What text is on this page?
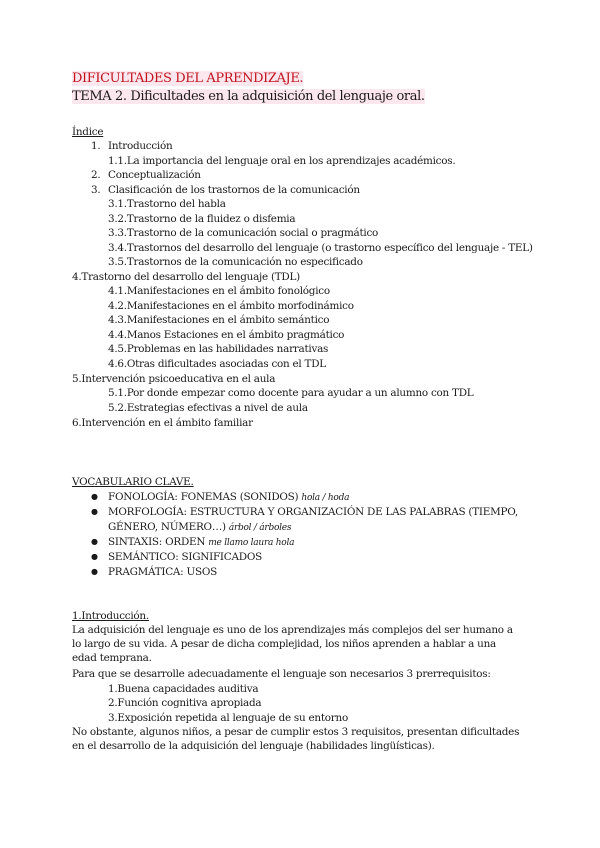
DIFICULTADES DEL APRENDIZAJE.
TEMA 2. Dificultades en la adquisición del lenguaje oral.
Índice
1. Introducción
1.1.La importancia del lenguaje oral en los aprendizajes académicos.
2. Conceptualización
3. Clasificación de los trastornos de la comunicación
3.1.Trastorno del habla
3.2.Trastorno de la fluidez o disfemia
3.3.Trastorno de la comunicación social o pragmático
3.4.Trastornos del desarrollo del lenguaje (o trastorno específico del lenguaje - TEL)
3.5.Trastornos de la comunicación no especificado
4.Trastorno del desarrollo del lenguaje (TDL)
4.1.Manifestaciones en el ámbito fonológico
4.2.Manifestaciones en el ámbito morfodinámico
4.3.Manifestaciones en el ámbito semántico
4.4.Manos Estaciones en el ámbito pragmático
4.5.Problemas en las habilidades narrativas
4.6.Otras dificultades asociadas con el TDL
5.Intervención psicoeducativa en el aula
5.1.Por donde empezar como docente para ayudar a un alumno con TDL
5.2.Estrategias efectivas a nivel de aula
6.Intervención en el ámbito familiar
VOCABULARIO CLAVE.
● FONOLOGÍA: FONEMAS (SONIDOS) hola / hoda
● MORFOLOGÍA: ESTRUCTURA Y ORGANIZACIÓN DE LAS PALABRAS (TIEMPO,
GÉNERO, NÚMERO…) árbol / árboles
● SINTAXIS: ORDEN me llamo laura hola
● SEMÁNTICO: SIGNIFICADOS
● PRAGMÁTICA: USOS
1.Introducción.
La adquisición del lenguaje es uno de los aprendizajes más complejos del ser humano a lo largo de su vida. A pesar de dicha complejidad, los niños aprenden a hablar a una edad temprana.
Para que se desarrolle adecuadamente el lenguaje son necesarios 3 prerrequisitos:
1.Buena capacidades auditiva
2.Función cognitiva apropiada
3.Exposición repetida al lenguaje de su entorno
No obstante, algunos niños, a pesar de cumplir estos 3 requisitos, presentan dificultades en el desarrollo de la adquisición del lenguaje (habilidades lingüísticas).
